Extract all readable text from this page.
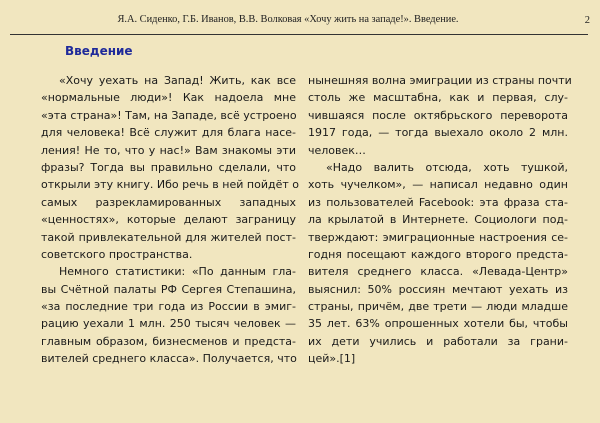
Я.А. Сиденко, Г.Б. Иванов, В.В. Волковая «Хочу жить на западе!». Введение.	2
Введение
«Хочу уехать на Запад! Жить, как все
«нормальные люди»! Как надоела мне
«эта страна»! Там, на Западе, всё устроено
для человека! Всё служит для блага насе-
ления! Не то, что у нас!» Вам знакомы эти
фразы? Тогда вы правильно сделали, что
открыли эту книгу. Ибо речь в ней пойдёт о
самых разрекламированных западных
«ценностях», которые делают заграницу
такой привлекательной для жителей пост-
советского пространства.
Немного статистики: «По данным гла-
вы Счётной палаты РФ Сергея Степашина,
«за последние три года из России в эмиг-
рацию уехали 1 млн. 250 тысяч человек —
главным образом, бизнесменов и предста-
вителей среднего класса». Получается, что
нынешняя волна эмиграции из страны почти
столь же масштабна, как и первая, слу-
чившаяся после октябрьского переворота
1917 года, — тогда выехало около 2 млн.
человек…
«Надо валить отсюда, хоть тушкой,
хоть чучелком», — написал недавно один
из пользователей Facebook: эта фраза ста-
ла крылатой в Интернете. Социологи под-
тверждают: эмиграционные настроения се-
годня посещают каждого второго предста-
вителя среднего класса. «Левада-Центр»
выяснил: 50% россиян мечтают уехать из
страны, причём, две трети — люди младше
35 лет. 63% опрошенных хотели бы, чтобы
их дети учились и работали за грани-
цей».[1]
